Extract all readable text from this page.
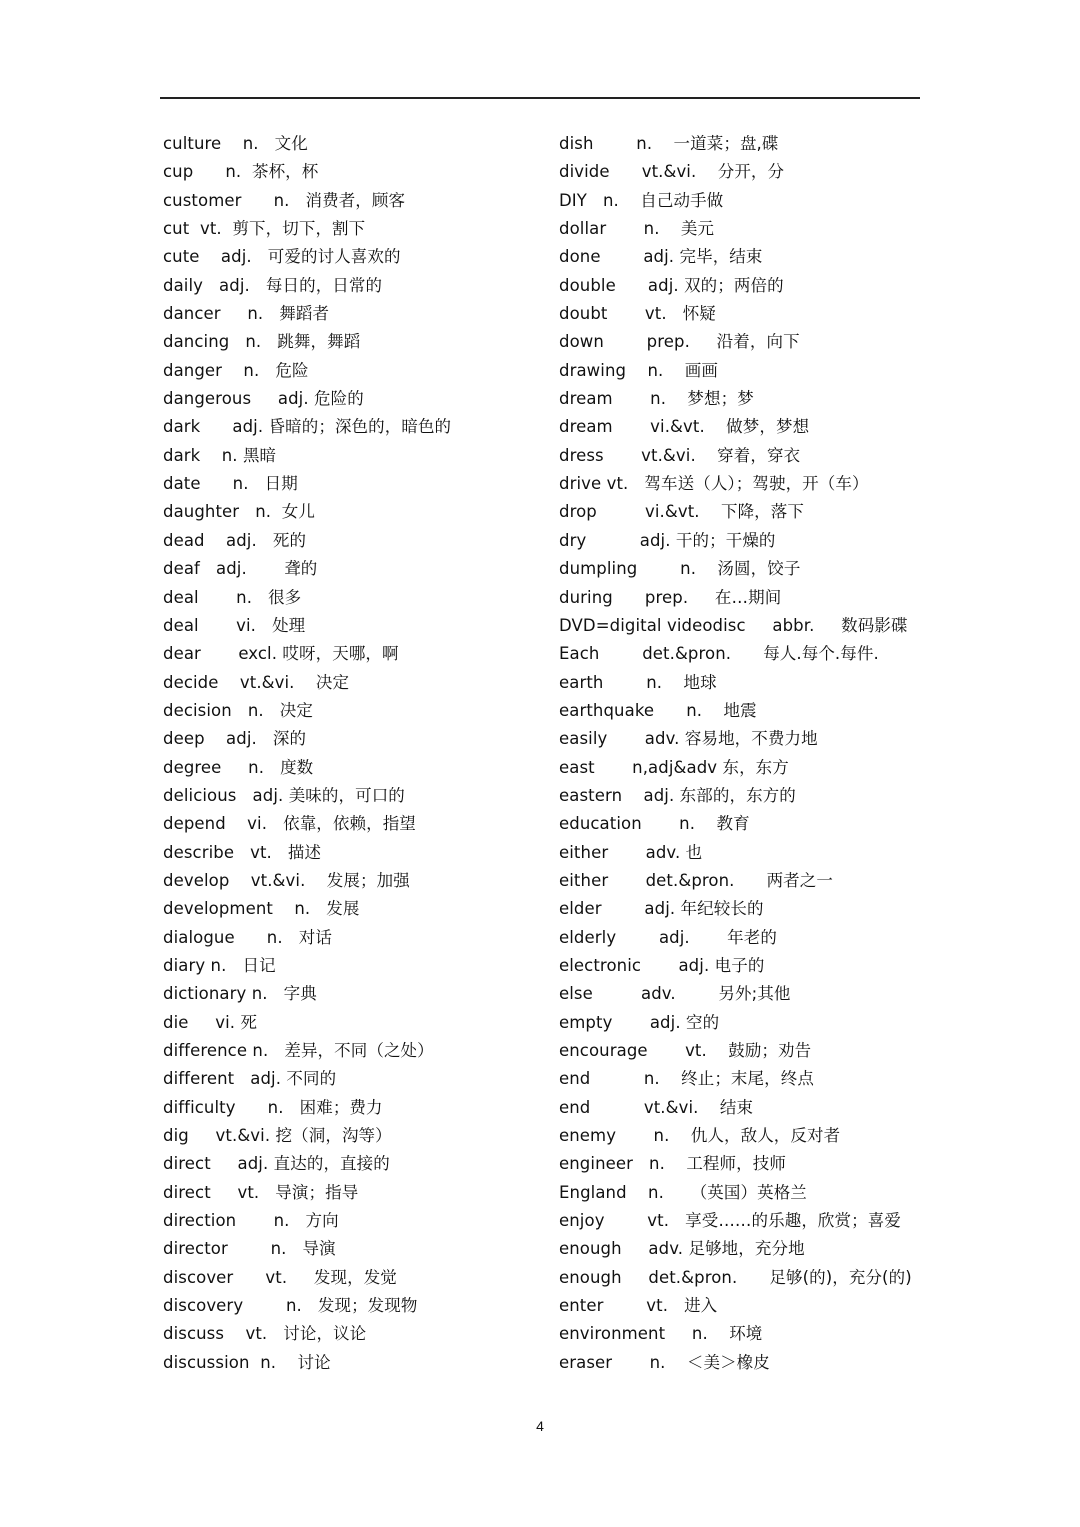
culture    n.   文化
cup      n.  茶杯，杯
customer      n.   消费者，顾客
cut  vt.  剪下，切下，割下
cute    adj.   可爱的讨人喜欢的
daily   adj.   每日的，日常的
dancer     n.   舞蹈者
dancing   n.   跳舞，舞蹈
danger    n.   危险
dangerous     adj. 危险的
dark      adj. 昏暗的；深色的，暗色的
dark    n. 黑暗
date      n.   日期
daughter   n.  女儿
dead    adj.   死的
deaf   adj.       聋的
deal       n.   很多
deal       vi.   处理
dear       excl. 哎呀，天哪，啊
decide    vt.&vi.    决定
decision   n.   决定
deep    adj.   深的
degree     n.   度数
delicious   adj. 美味的，可口的
depend    vi.   依靠，依赖，指望
describe   vt.   描述
develop    vt.&vi.    发展；加强
development    n.   发展
dialogue      n.   对话
diary n.   日记
dictionary n.   字典
die     vi. 死
difference n.   差异，不同（之处）
different   adj. 不同的
difficulty      n.   困难；费力
dig     vt.&vi. 挖（洞，沟等）
direct     adj. 直达的，直接的
direct     vt.   导演；指导
direction       n.   方向
director        n.   导演
discover      vt.     发现，发觉
discovery        n.   发现；发现物
discuss    vt.   讨论，议论
discussion  n.    讨论
dish        n.    一道菜；盘,碟
divide      vt.&vi.    分开，分
DIY   n.    自己动手做
dollar       n.    美元
done        adj. 完毕，结束
double      adj. 双的；两倍的
doubt       vt.   怀疑
down        prep.     沿着，向下
drawing    n.    画画
dream       n.    梦想；梦
dream       vi.&vt.    做梦，梦想
dress       vt.&vi.    穿着，穿衣
drive vt.   驾车送（人）；驾驶，开（车）
drop         vi.&vt.    下降，落下
dry          adj. 干的；干燥的
dumpling        n.    汤圆，饺子
during      prep.     在…期间
DVD=digital videodisc     abbr.     数码影碟
Each        det.&pron.      每人.每个.每件.
earth        n.    地球
earthquake      n.    地震
easily       adv. 容易地，不费力地
east       n,adj&adv 东，东方
eastern    adj. 东部的，东方的
education       n.    教育
either       adv. 也
either       det.&pron.      两者之一
elder        adj. 年纪较长的
elderly        adj.       年老的
electronic       adj. 电子的
else         adv.        另外;其他
empty       adj. 空的
encourage       vt.    鼓励；劝告
end          n.    终止；末尾，终点
end          vt.&vi.    结束
enemy       n.    仇人，敌人，反对者
engineer   n.    工程师，技师
England    n.     （英国）英格兰
enjoy        vt.   享受……的乐趣，欣赏；喜爱
enough     adv. 足够地，充分地
enough     det.&pron.      足够(的)，充分(的)
enter        vt.   进入
environment     n.    环境
eraser       n.    ＜美＞橡皮
4
